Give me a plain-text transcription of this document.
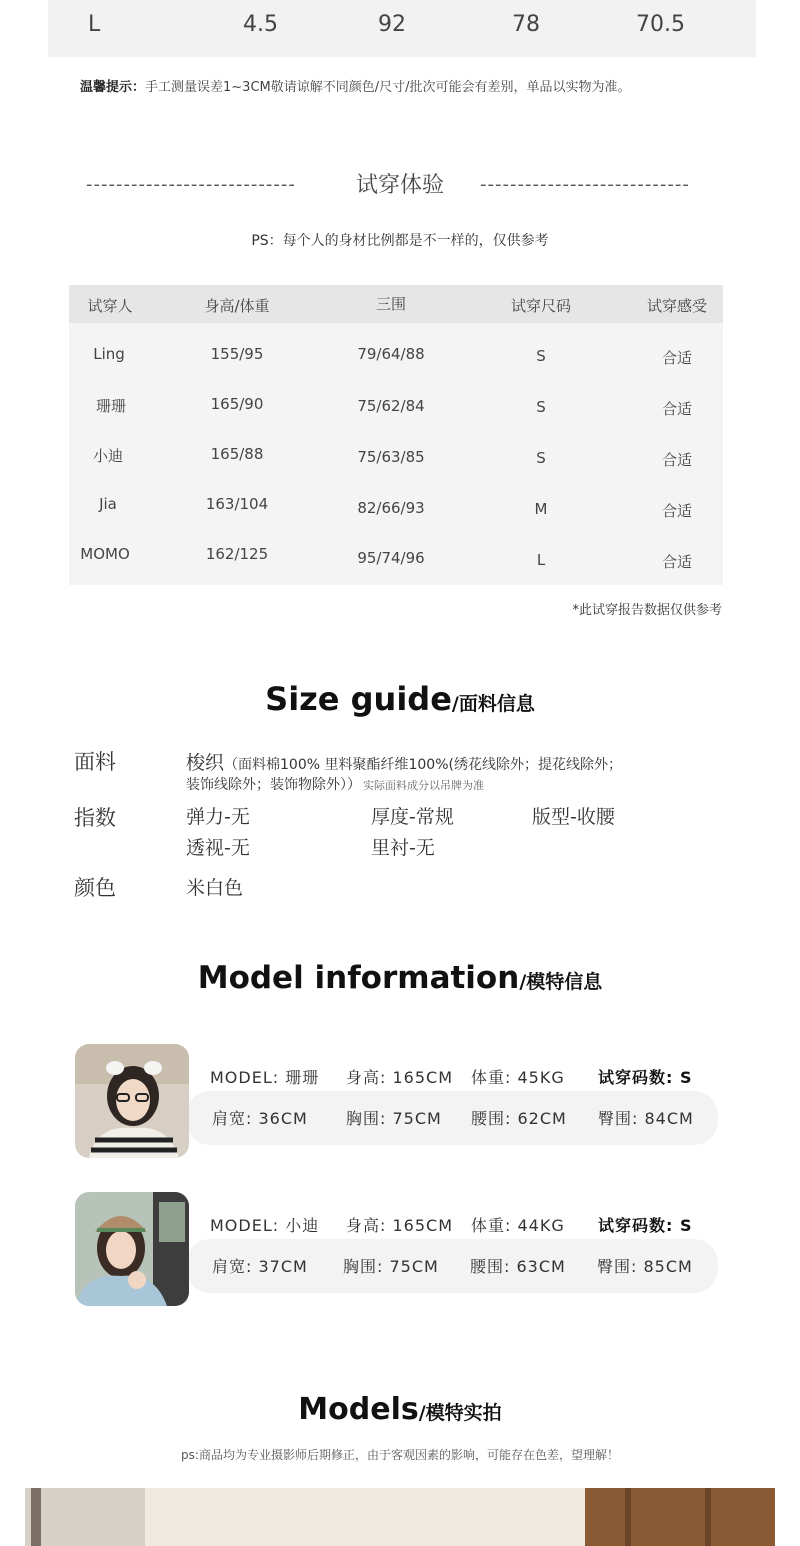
L	4.5	92	78	70.5
温馨提示：手工测量误差1~3CM敬请谅解不同颜色/尺寸/批次可能会有差别，单品以实物为准。
----------------------------	试穿体验	----------------------------
PS：每个人的身材比例都是不一样的，仅供参考
试穿人	身高/体重	三围	试穿尺码	试穿感受
Ling	155/95	79/64/88	S	合适
珊珊	165/90	75/62/84	S	合适
小迪	165/88	75/63/85	S	合适
Jia	163/104	82/66/93	M	合适
MOMO	162/125	95/74/96	L	合适
*此试穿报告数据仅供参考
Size guide/面料信息
面料	梭织（面料棉100% 里料聚酯纤维100%(绣花线除外；提花线除外；
装饰线除外；装饰物除外）） 实际面料成分以吊牌为准
指数	弹力-无	厚度-常规	版型-收腰
透视-无	里衬-无
颜色	米白色
Model information/模特信息
MODEL: 珊珊 身高: 165CM 体重: 45KG 试穿码数: S
肩宽: 36CM 胸围: 75CM 腰围: 62CM 臀围: 84CM
MODEL: 小迪 身高: 165CM 体重: 44KG 试穿码数: S
肩宽: 37CM 胸围: 75CM 腰围: 63CM 臀围: 85CM
Models/模特实拍
ps:商品均为专业摄影师后期修正，由于客观因素的影响，可能存在色差，望理解！
